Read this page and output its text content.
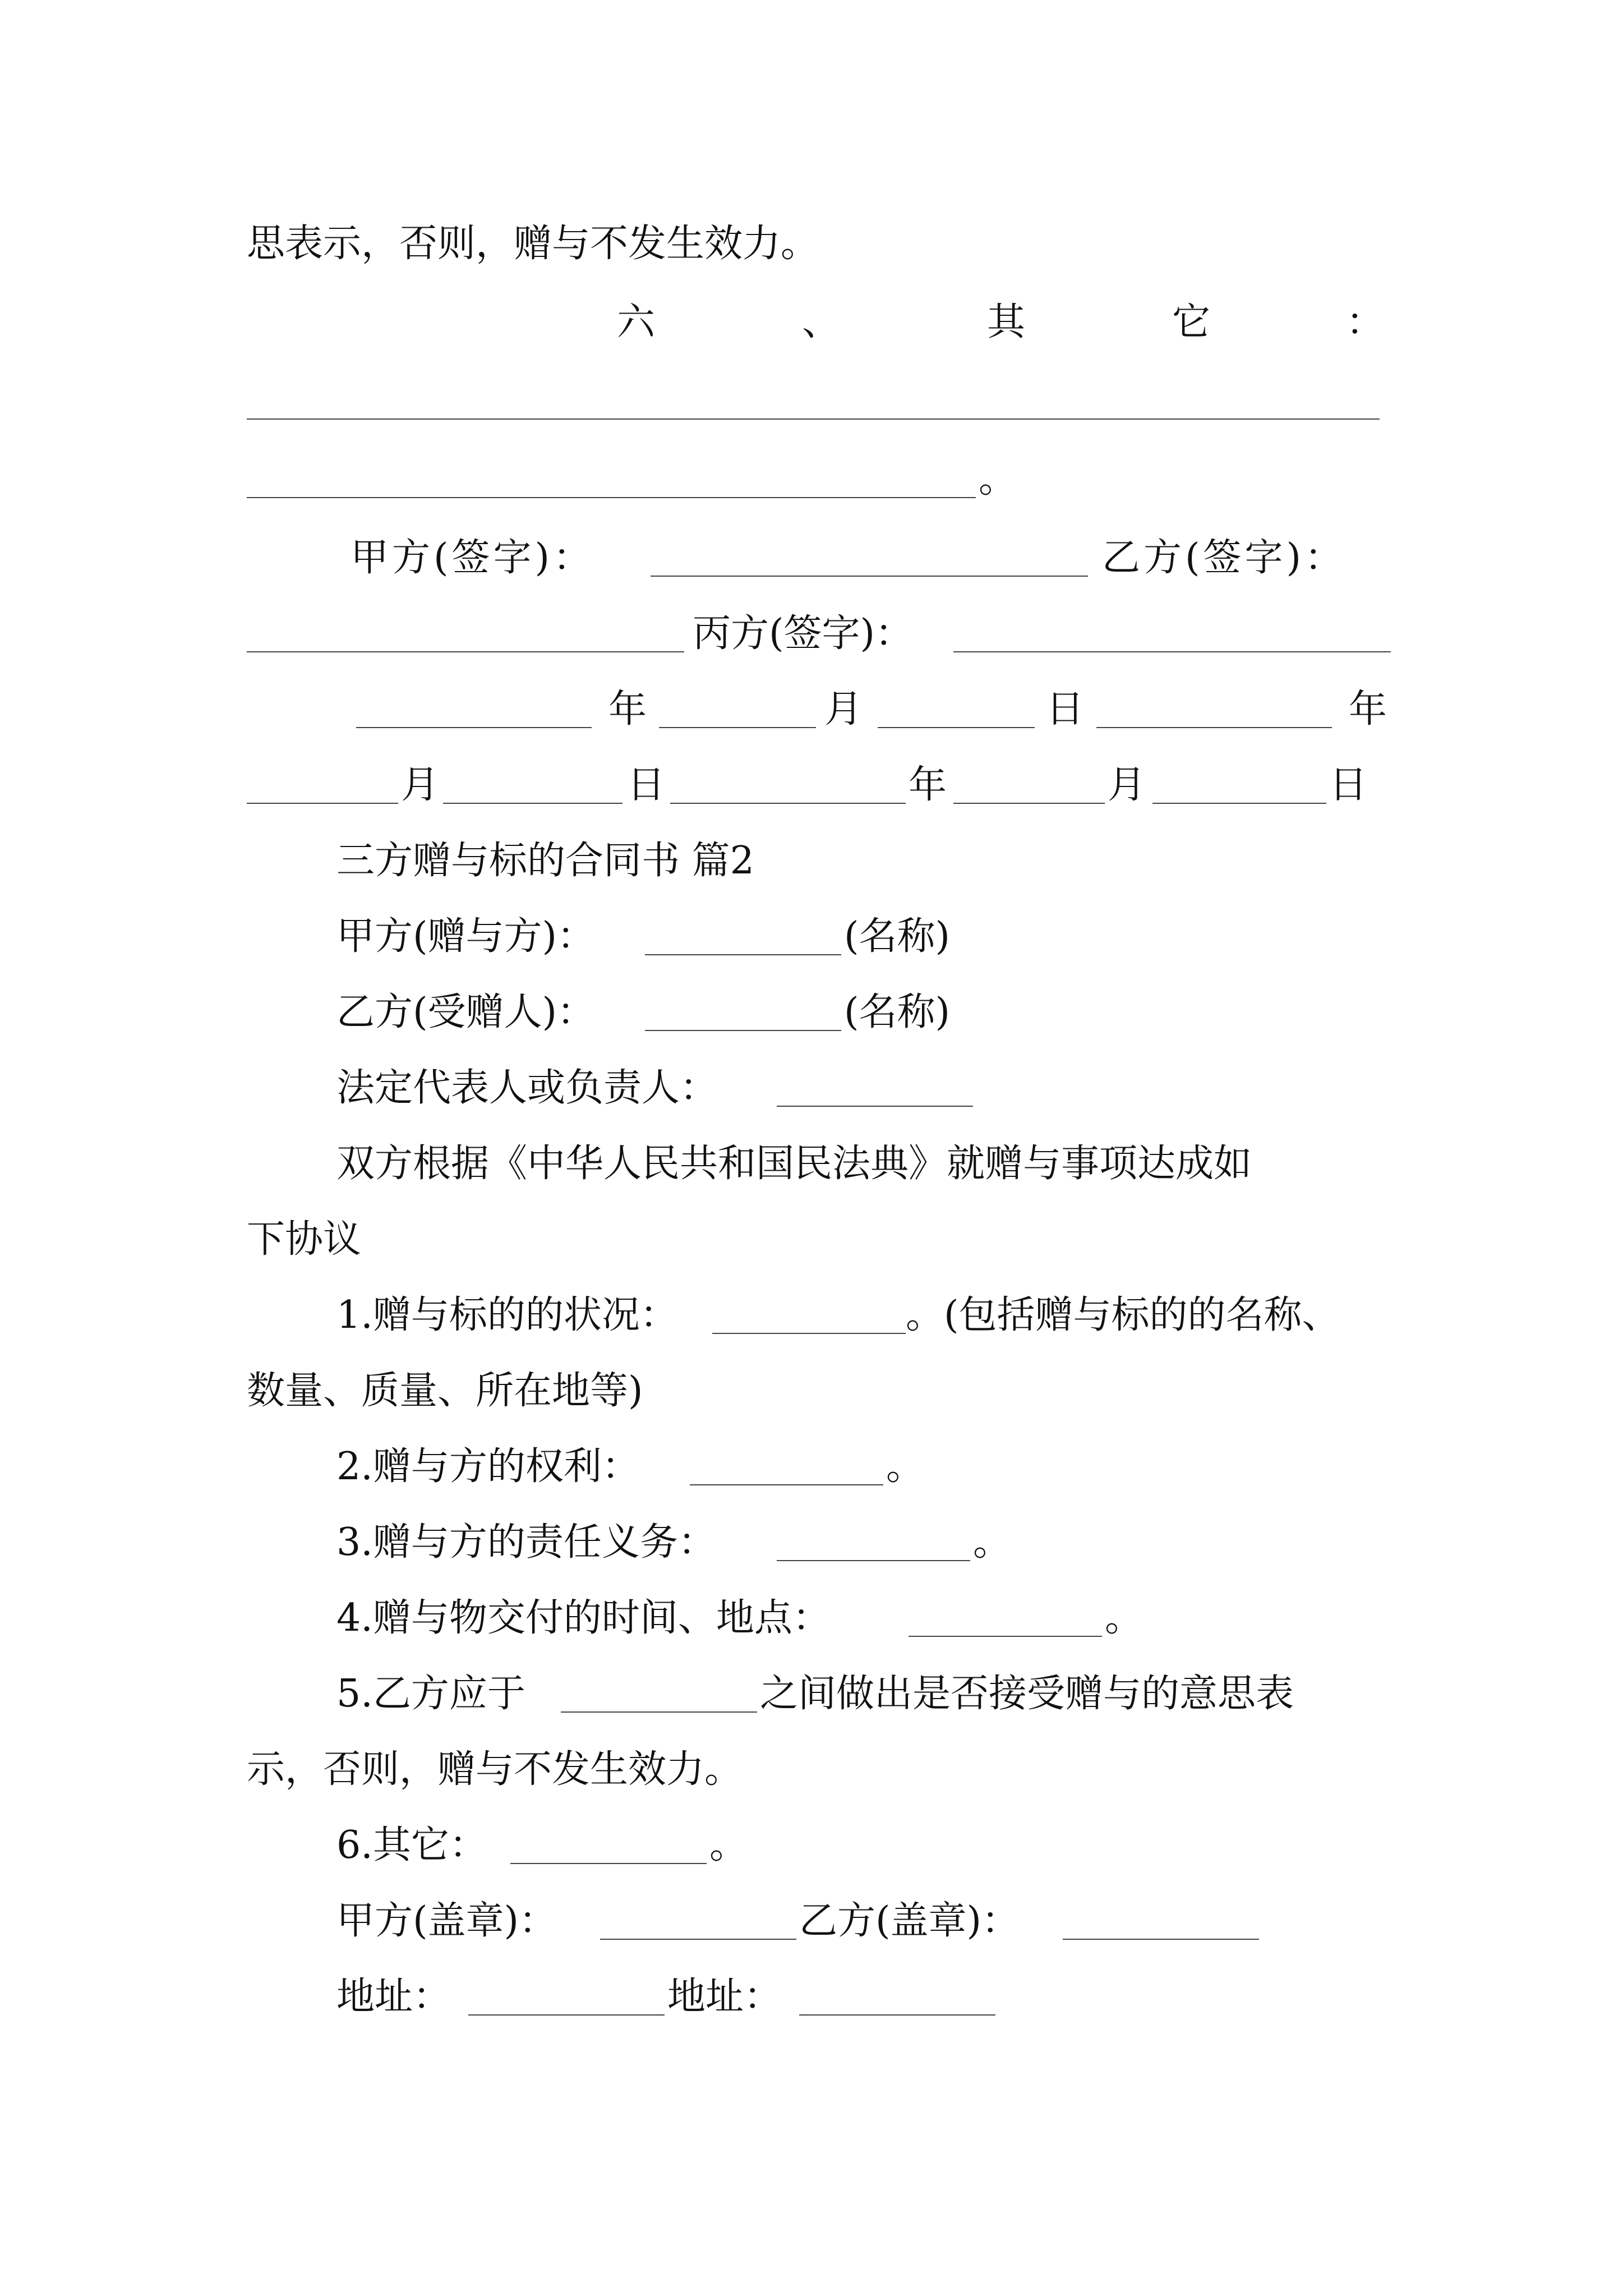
思表示，否则，赠与不发生效力。
六	、	其	它	：
。
甲方(签字)：	乙方(签字)：
丙方(签字)：
年	月	日	年
月	日	年	月	日
三方赠与标的合同书 篇2
甲方(赠与方)：	(名称)
乙方(受赠人)：	(名称)
法定代表人或负责人：
双方根据《中华人民共和国民法典》就赠与事项达成如
下协议
1.赠与标的的状况：	。(包括赠与标的的名称、
数量、质量、所在地等)
2.赠与方的权利：	。
3.赠与方的责任义务：	。
4.赠与物交付的时间、地点：	。
5.乙方应于	之间做出是否接受赠与的意思表
示，否则，赠与不发生效力。
6.其它：	。
甲方(盖章)：	乙方(盖章)：
地址：	地址：
